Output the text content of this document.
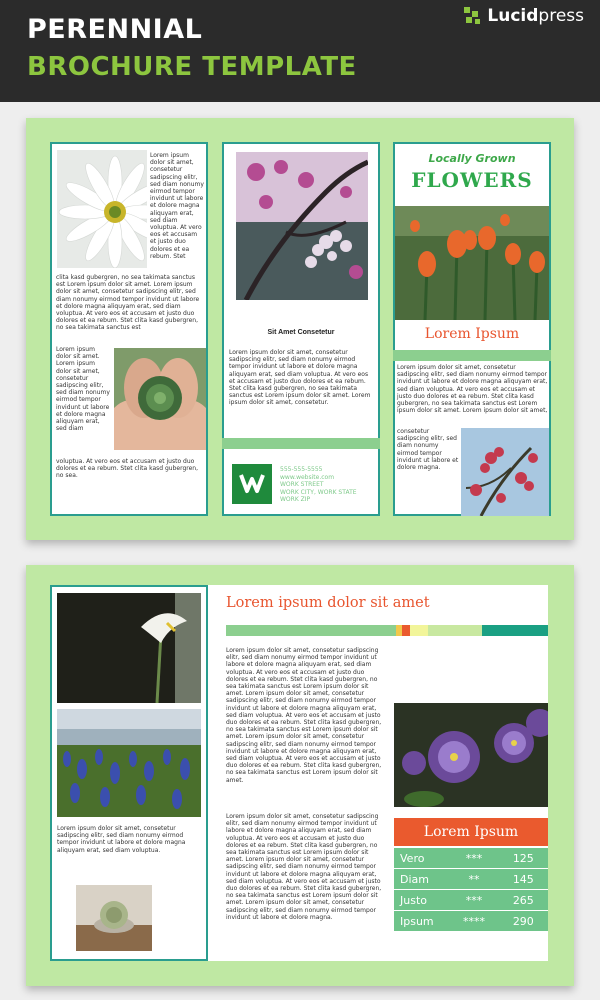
PERENNIAL
BROCHURE TEMPLATE
Lucidpress
Lorem ipsum dolor sit amet, consetetur sadipscing elitr, sed diam nonumy eirmod tempor invidunt ut labore et dolore magna aliquyam erat, sed diam voluptua. At vero eos et accusam et justo duo dolores et ea rebum. Stet
clita kasd gubergren, no sea takimata sanctus est Lorem ipsum dolor sit amet. Lorem ipsum dolor sit amet, consetetur sadipscing elitr, sed diam nonumy eirmod tempor invidunt ut labore et dolore magna aliquyam erat, sed diam voluptua. At vero eos et accusam et justo duo dolores et ea rebum. Stet clita kasd gubergren, no sea takimata sanctus est
Lorem ipsum dolor sit amet. Lorem ipsum dolor sit amet, consetetur sadipscing elitr, sed diam nonumy eirmod tempor invidunt ut labore et dolore magna aliquyam erat, sed diam
voluptua. At vero eos et accusam et justo duo dolores et ea rebum. Stet clita kasd gubergren, no sea.
Sit Amet Consetetur
Lorem ipsum dolor sit amet, consetetur sadipscing elitr, sed diam nonumy eirmod tempor invidunt ut labore et dolore magna aliquyam erat, sed diam voluptua. At vero eos et accusam et justo duo dolores et ea rebum. Stet clita kasd gubergren, no sea takimata sanctus est Lorem ipsum dolor sit amet. Lorem ipsum dolor sit amet, consetetur.
555-555-5555
www.website.com
WORK STREET
WORK CITY, WORK STATE
WORK ZIP
Locally Grown
FLOWERS
Lorem Ipsum
Lorem ipsum dolor sit amet, consetetur sadipscing elitr, sed diam nonumy eirmod tempor invidunt ut labore et dolore magna aliquyam erat, sed diam voluptua. At vero eos et accusam et justo duo dolores et ea rebum. Stet clita kasd gubergren, no sea takimata sanctus est Lorem ipsum dolor sit amet. Lorem ipsum dolor sit amet,
consetetur sadipscing elitr, sed diam nonumy eirmod tempor invidunt ut labore et dolore magna.
Lorem ipsum dolor sit amet, consetetur sadipscing elitr, sed diam nonumy eirmod tempor invidunt ut labore et dolore magna aliquyam erat, sed diam voluptua.
Lorem ipsum dolor sit amet
Lorem ipsum dolor sit amet, consetetur sadipscing elitr, sed diam nonumy eirmod tempor invidunt ut labore et dolore magna aliquyam erat, sed diam voluptua. At vero eos et accusam et justo duo dolores et ea rebum. Stet clita kasd gubergren, no sea takimata sanctus est Lorem ipsum dolor sit amet. Lorem ipsum dolor sit amet, consetetur sadipscing elitr, sed diam nonumy eirmod tempor invidunt ut labore et dolore magna aliquyam erat, sed diam voluptua. At vero eos et accusam et justo duo dolores et ea rebum. Stet clita kasd gubergren, no sea takimata sanctus est Lorem ipsum dolor sit amet. Lorem ipsum dolor sit amet, consetetur sadipscing elitr, sed diam nonumy eirmod tempor invidunt ut labore et dolore magna aliquyam erat, sed diam voluptua. At vero eos et accusam et justo duo dolores et ea rebum. Stet clita kasd gubergren, no sea takimata sanctus est Lorem ipsum dolor sit amet.
Lorem ipsum dolor sit amet, consetetur sadipscing elitr, sed diam nonumy eirmod tempor invidunt ut labore et dolore magna aliquyam erat, sed diam voluptua. At vero eos et accusam et justo duo dolores et ea rebum. Stet clita kasd gubergren, no sea takimata sanctus est Lorem ipsum dolor sit amet. Lorem ipsum dolor sit amet, consetetur sadipscing elitr, sed diam nonumy eirmod tempor invidunt ut labore et dolore magna aliquyam erat, sed diam voluptua. At vero eos et accusam et justo duo dolores et ea rebum. Stet clita kasd gubergren, no sea takimata sanctus est Lorem ipsum dolor sit amet. Lorem ipsum dolor sit amet, consetetur sadipscing elitr, sed diam nonumy eirmod tempor invidunt ut labore et dolore magna.
Lorem Ipsum
Vero	***	125
Diam	**	145
Justo	***	265
Ipsum	****	290
